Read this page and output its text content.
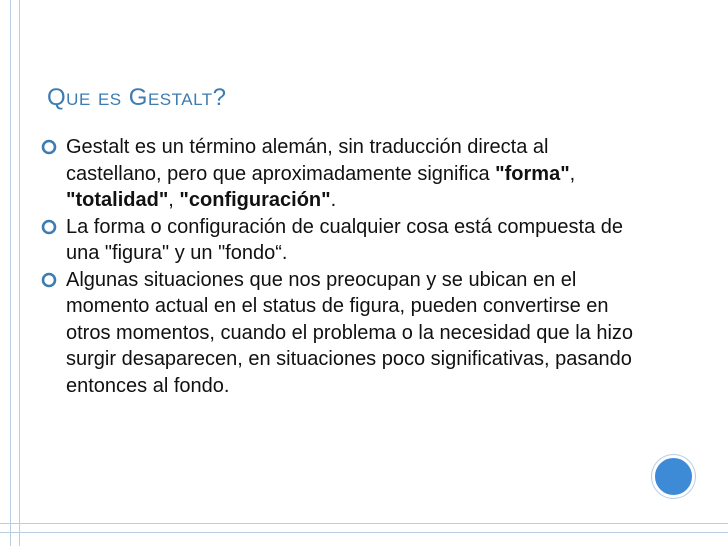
Que es Gestalt?
Gestalt es un término alemán, sin traducción directa al castellano, pero que aproximadamente significa "forma", "totalidad", "configuración".
La forma o configuración de cualquier cosa está compuesta de una "figura" y un "fondo“.
Algunas situaciones que nos preocupan y se ubican en el momento actual en el status de figura, pueden convertirse en otros momentos, cuando el problema o la necesidad que la hizo surgir desaparecen, en situaciones poco significativas, pasando entonces al fondo.
